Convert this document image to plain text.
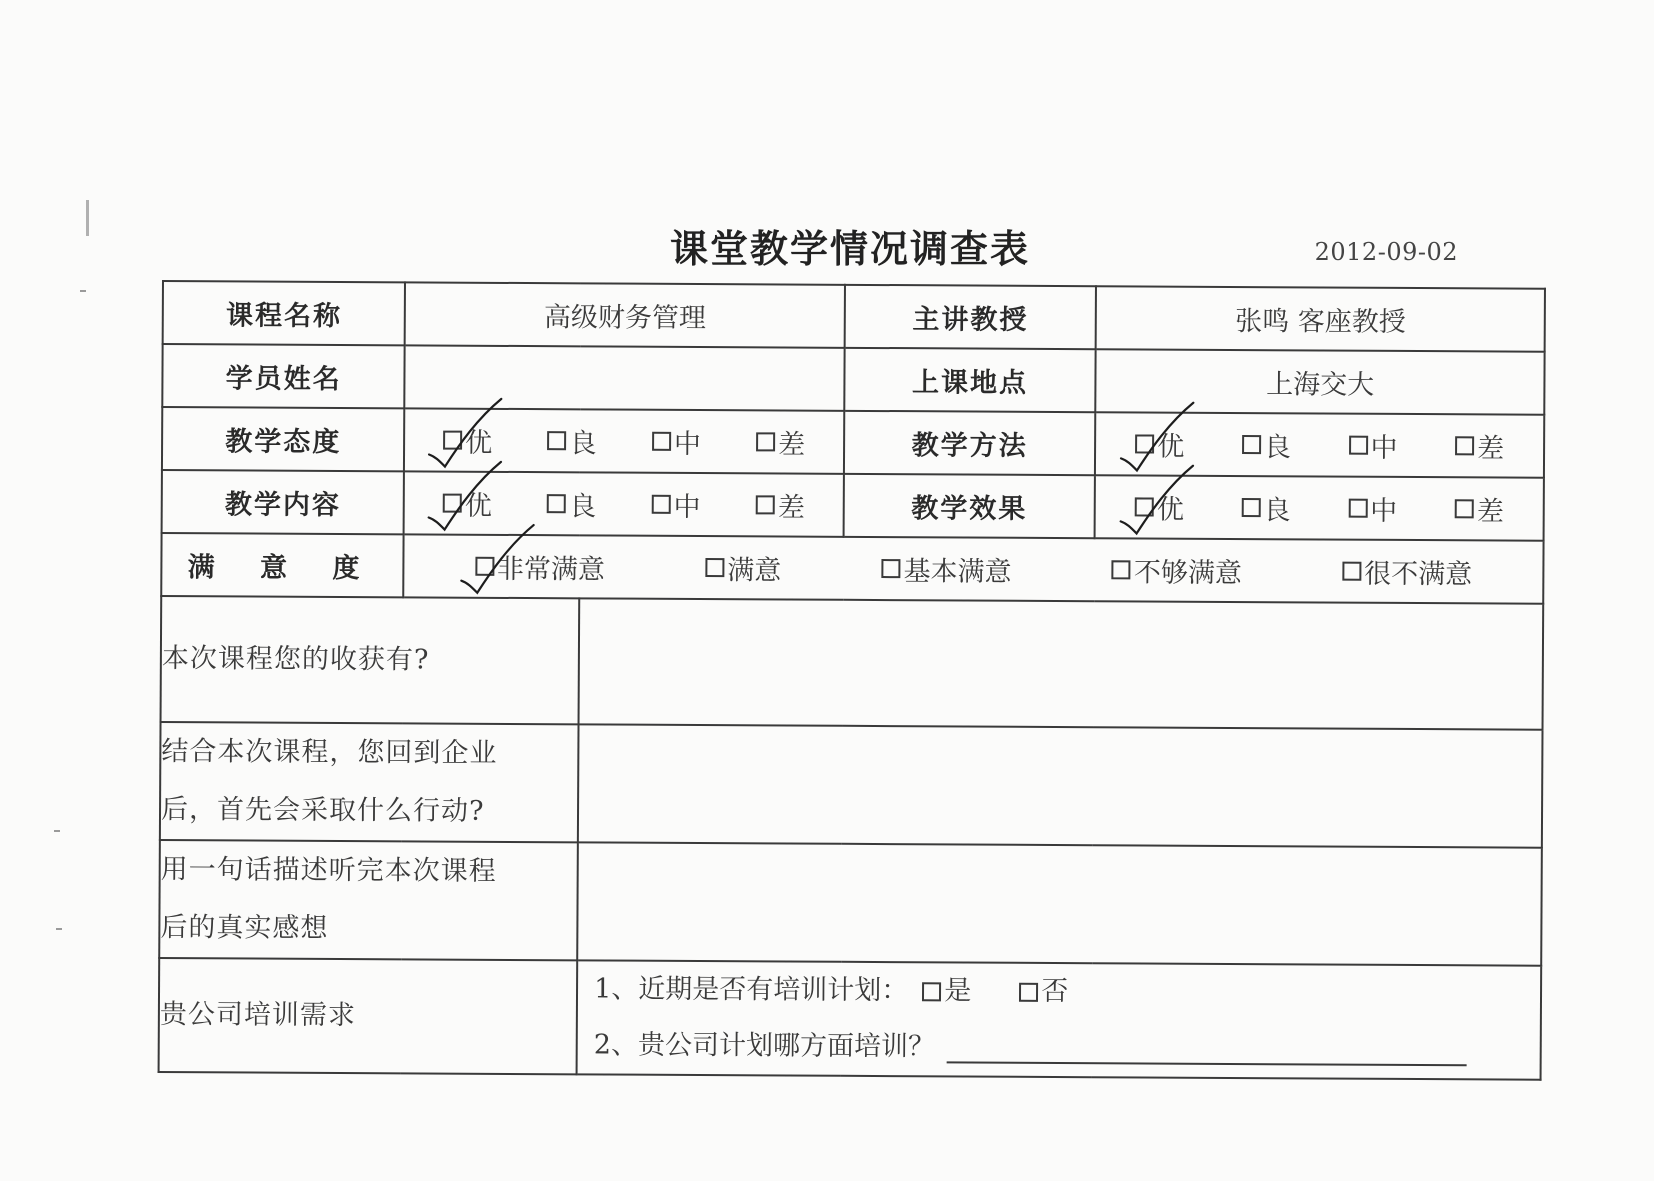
课堂教学情况调查表	2012-09-02
课程名称	高级财务管理		主讲教授	张鸣 客座教授
学员姓名			上课地点	上海交大
教学态度	优 良 中 差		教学方法	优 良 中 差

教学内容	优 良 中 差		教学效果	优 良 中 差

满 意 度	非常满意 满意 基本满意 不够满意 很不满意			

本次课程您的收获有?				

结合本次课程，您回到企业
后，首先会采取什么行动?				

用一句话描述听完本次课程
后的真实感想				

贵公司培训需求		1、近期是否有培训计划： 是 否
2、贵公司计划哪方面培训？		
